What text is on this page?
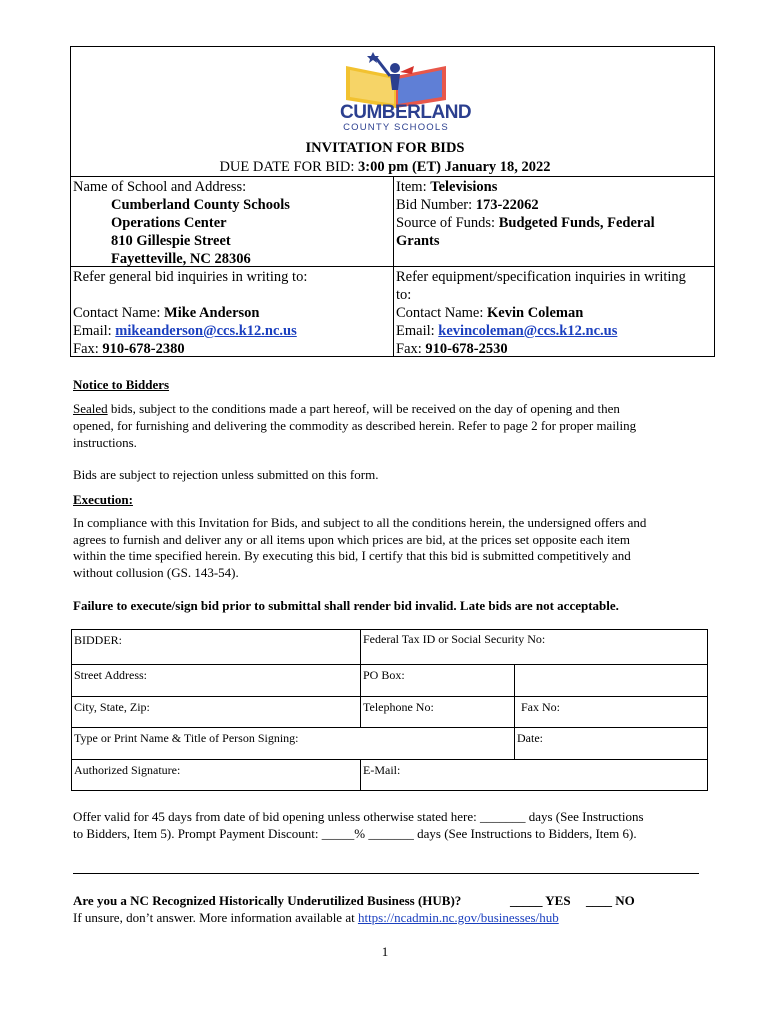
CUMBERLAND
COUNTY SCHOOLS
INVITATION FOR BIDS
DUE DATE FOR BID: 3:00 pm (ET) January 18, 2022
Name of School and Address:
Cumberland County Schools
Operations Center
810 Gillespie Street
Fayetteville, NC 28306
Item: Televisions
Bid Number: 173-22062
Source of Funds: Budgeted Funds, Federal
Grants
Refer general bid inquiries in writing to:
Contact Name: Mike Anderson
Email: mikeanderson@ccs.k12.nc.us
Fax: 910-678-2380
Refer equipment/specification inquiries in writing
to:
Contact Name: Kevin Coleman
Email: kevincoleman@ccs.k12.nc.us
Fax: 910-678-2530
Notice to Bidders
Sealed bids, subject to the conditions made a part hereof, will be received on the day of opening and then
opened, for furnishing and delivering the commodity as described herein. Refer to page 2 for proper mailing
instructions.
Bids are subject to rejection unless submitted on this form.
Execution:
In compliance with this Invitation for Bids, and subject to all the conditions herein, the undersigned offers and
agrees to furnish and deliver any or all items upon which prices are bid, at the prices set opposite each item
within the time specified herein. By executing this bid, I certify that this bid is submitted competitively and
without collusion (GS. 143-54).
Failure to execute/sign bid prior to submittal shall render bid invalid. Late bids are not acceptable.
BIDDER:	Federal Tax ID or Social Security No:
Street Address:	PO Box:
City, State, Zip:	Telephone No:	Fax No:
Type or Print Name & Title of Person Signing:	Date:
Authorized Signature:	E-Mail:
Offer valid for 45 days from date of bid opening unless otherwise stated here: _______ days (See Instructions
to Bidders, Item 5). Prompt Payment Discount: _____% _______ days (See Instructions to Bidders, Item 6).
Are you a NC Recognized Historically Underutilized Business (HUB)?	_____ YES ____ NO
If unsure, don’t answer. More information available at https://ncadmin.nc.gov/businesses/hub
1
